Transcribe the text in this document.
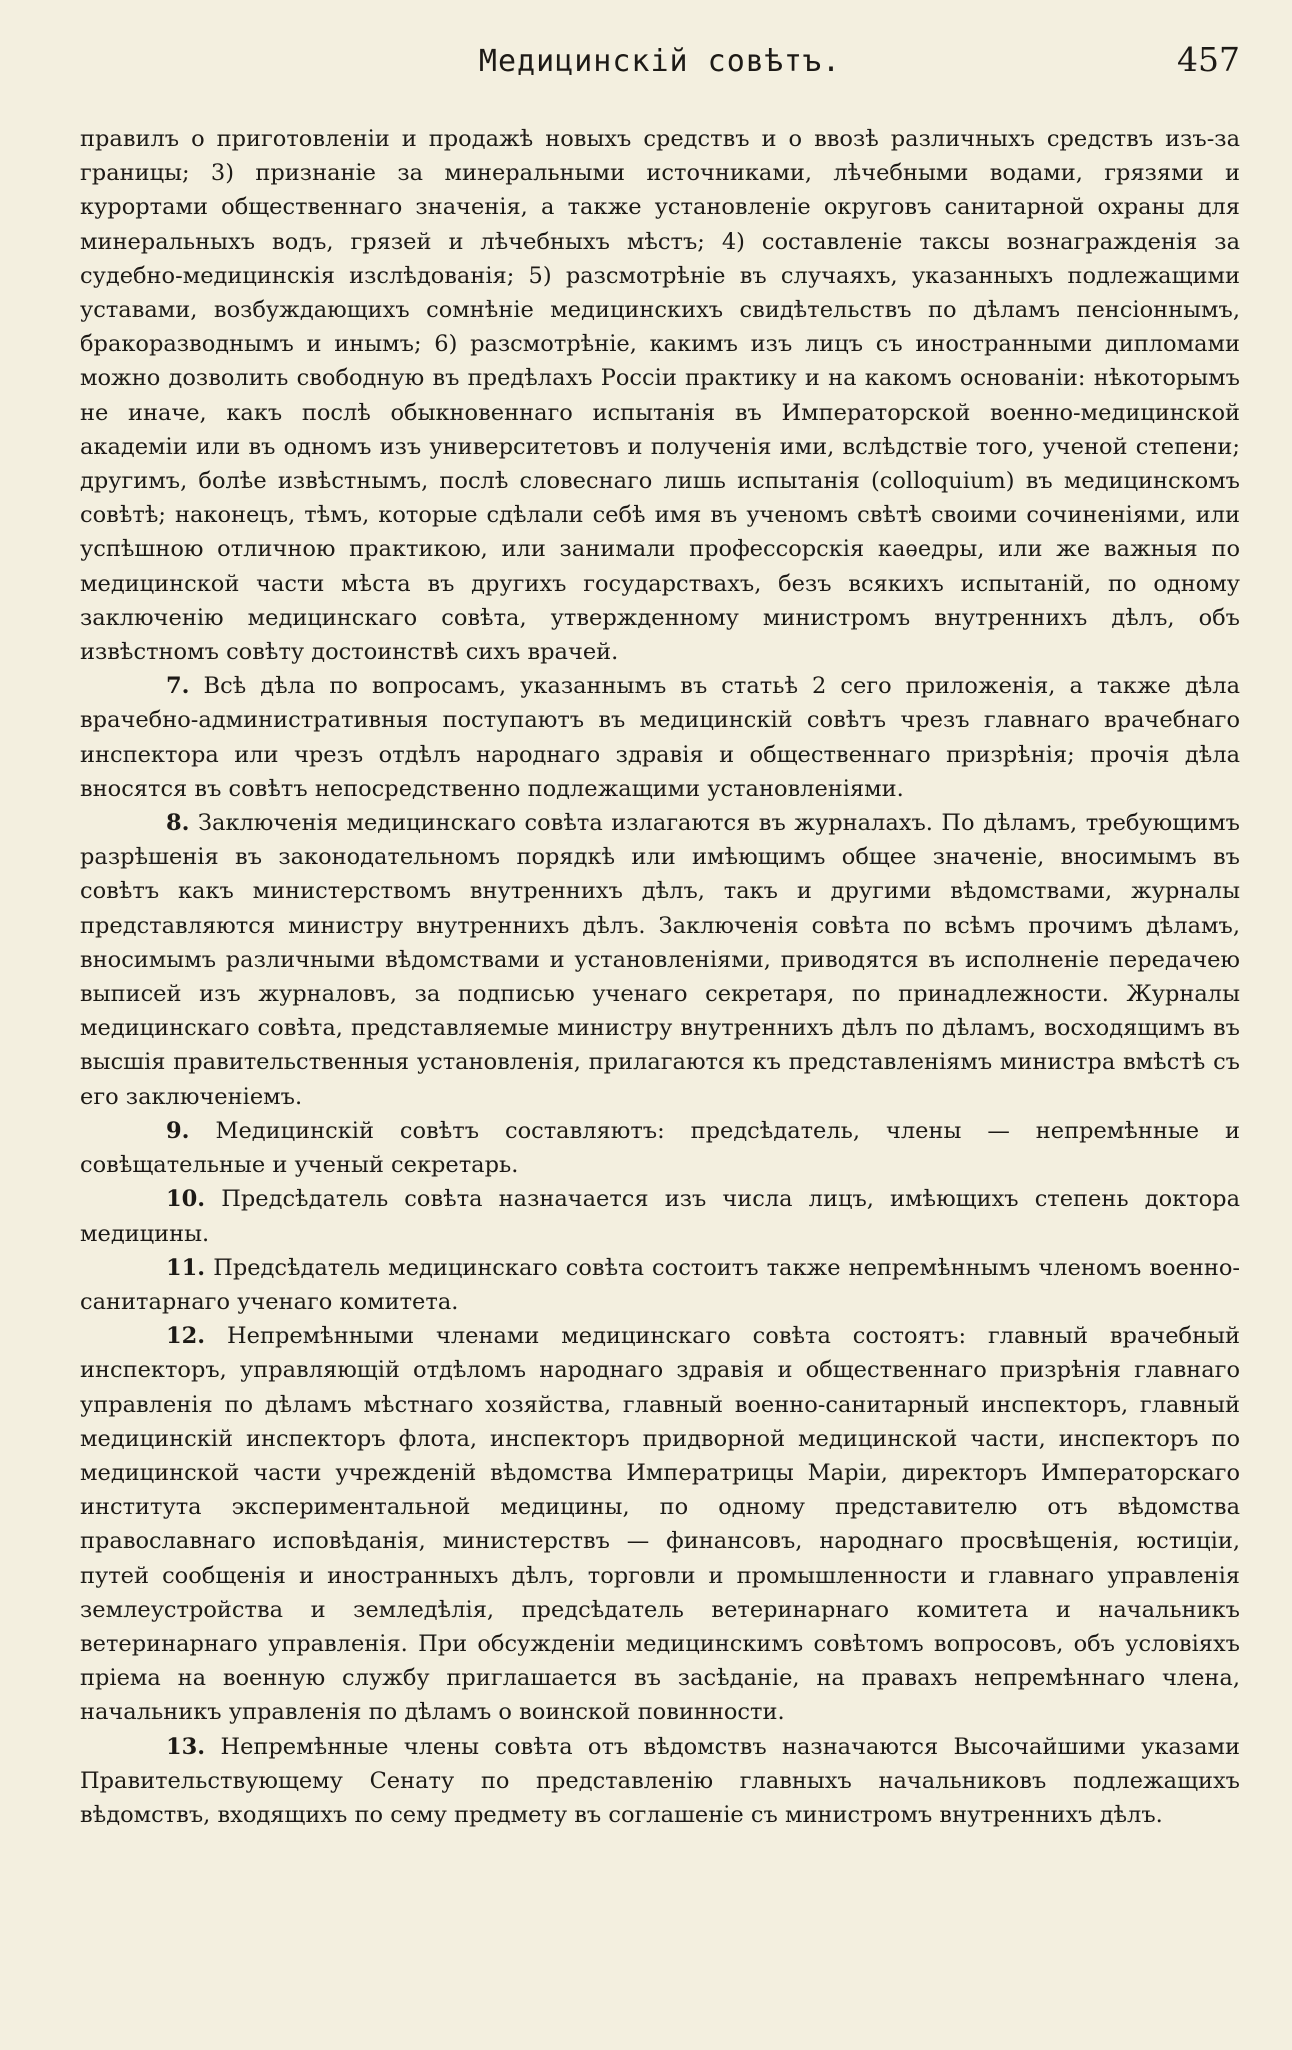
Медицинскій совѣтъ.	457

правилъ о приготовленіи и продажѣ новыхъ средствъ и о ввозѣ различныхъ средствъ изъ-за границы; 3) признаніе за минеральными источниками, лѣчебными водами, грязями и курортами общественнаго значенія, а также установленіе округовъ санитарной охраны для минеральныхъ водъ, грязей и лѣчебныхъ мѣстъ; 4) составленіе таксы вознагражденія за судебно-медицинскія изслѣдованія; 5) разсмотрѣніе въ случаяхъ, указанныхъ подлежащими уставами, возбуждающихъ сомнѣніе медицинскихъ свидѣтельствъ по дѣламъ пенсіоннымъ, бракоразводнымъ и инымъ; 6) разсмотрѣніе, какимъ изъ лицъ съ иностранными дипломами можно дозволить свободную въ предѣлахъ Россіи практику и на какомъ основаніи: нѣкоторымъ не иначе, какъ послѣ обыкновеннаго испытанія въ Императорской военно-медицинской академіи или въ одномъ изъ университетовъ и полученія ими, вслѣдствіе того, ученой степени; другимъ, болѣе извѣстнымъ, послѣ словеснаго лишь испытанія (colloquium) въ медицинскомъ совѣтѣ; наконецъ, тѣмъ, которые сдѣлали себѣ имя въ ученомъ свѣтѣ своими сочиненіями, или успѣшною отличною практикою, или занимали профессорскія каѳедры, или же важныя по медицинской части мѣста въ другихъ государствахъ, безъ всякихъ испытаній, по одному заключенію медицинскаго совѣта, утвержденному министромъ внутреннихъ дѣлъ, объ извѣстномъ совѣту достоинствѣ сихъ врачей.

7. Всѣ дѣла по вопросамъ, указаннымъ въ статьѣ 2 сего приложенія, а также дѣла врачебно-административныя поступаютъ въ медицинскій совѣтъ чрезъ главнаго врачебнаго инспектора или чрезъ отдѣлъ народнаго здравія и общественнаго призрѣнія; прочія дѣла вносятся въ совѣтъ непосредственно подлежащими установленіями.

8. Заключенія медицинскаго совѣта излагаются въ журналахъ. По дѣламъ, требующимъ разрѣшенія въ законодательномъ порядкѣ или имѣющимъ общее значеніе, вносимымъ въ совѣтъ какъ министерствомъ внутреннихъ дѣлъ, такъ и другими вѣдомствами, журналы представляются министру внутреннихъ дѣлъ. Заключенія совѣта по всѣмъ прочимъ дѣламъ, вносимымъ различными вѣдомствами и установленіями, приводятся въ исполненіе передачею выписей изъ журналовъ, за подписью ученаго секретаря, по принадлежности. Журналы медицинскаго совѣта, представляемые министру внутреннихъ дѣлъ по дѣламъ, восходящимъ въ высшія правительственныя установленія, прилагаются къ представленіямъ министра вмѣстѣ съ его заключеніемъ.

9. Медицинскій совѣтъ составляютъ: предсѣдатель, члены — непремѣнные и совѣщательные и ученый секретарь.

10. Предсѣдатель совѣта назначается изъ числа лицъ, имѣющихъ степень доктора медицины.

11. Предсѣдатель медицинскаго совѣта состоитъ также непремѣннымъ членомъ военно-санитарнаго ученаго комитета.

12. Непремѣнными членами медицинскаго совѣта состоятъ: главный врачебный инспекторъ, управляющій отдѣломъ народнаго здравія и общественнаго призрѣнія главнаго управленія по дѣламъ мѣстнаго хозяйства, главный военно-санитарный инспекторъ, главный медицинскій инспекторъ флота, инспекторъ придворной медицинской части, инспекторъ по медицинской части учрежденій вѣдомства Императрицы Маріи, директоръ Императорскаго института экспериментальной медицины, по одному представителю отъ вѣдомства православнаго исповѣданія, министерствъ — финансовъ, народнаго просвѣщенія, юстиціи, путей сообщенія и иностранныхъ дѣлъ, торговли и промышленности и главнаго управленія землеустройства и земледѣлія, предсѣдатель ветеринарнаго комитета и начальникъ ветеринарнаго управленія. При обсужденіи медицинскимъ совѣтомъ вопросовъ, объ условіяхъ пріема на военную службу приглашается въ засѣданіе, на правахъ непремѣннаго члена, начальникъ управленія по дѣламъ о воинской повинности.

13. Непремѣнные члены совѣта отъ вѣдомствъ назначаются Высочайшими указами Правительствующему Сенату по представленію главныхъ начальниковъ подлежащихъ вѣдомствъ, входящихъ по сему предмету въ соглашеніе съ министромъ внутреннихъ дѣлъ.
